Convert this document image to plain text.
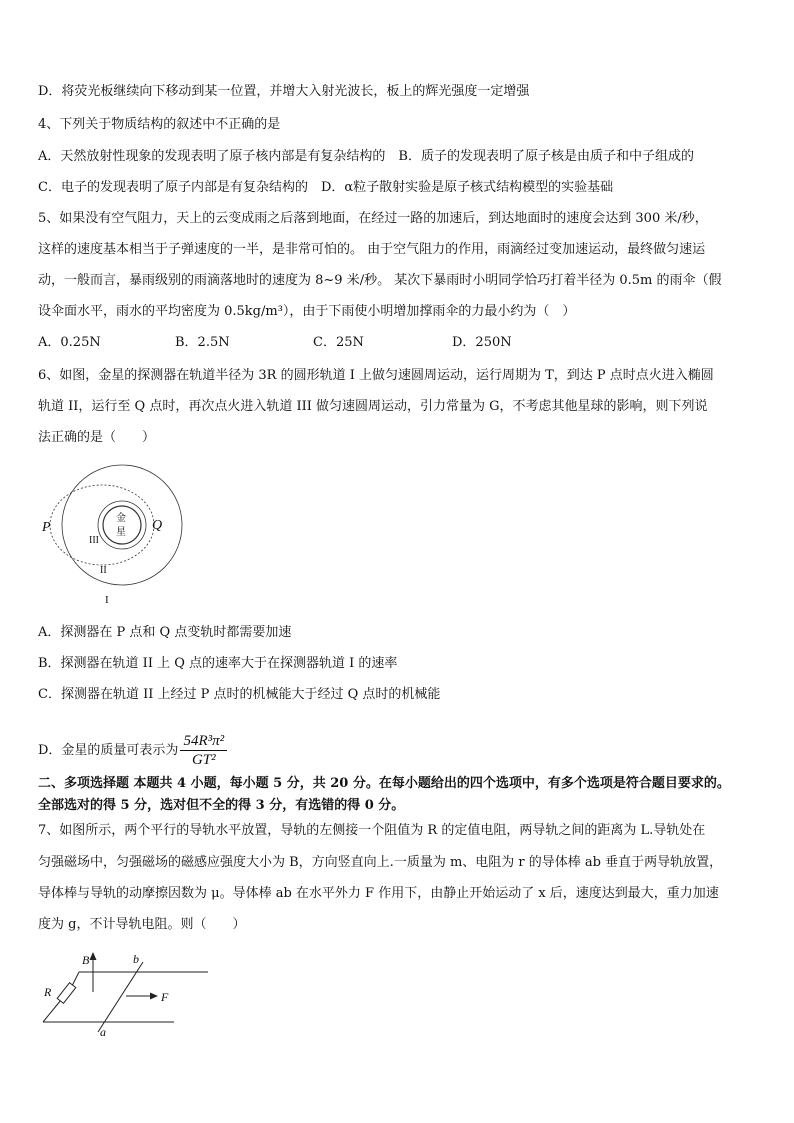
D．将荧光板继续向下移动到某一位置，并增大入射光波长，板上的辉光强度一定增强
4、下列关于物质结构的叙述中不正确的是
A．天然放射性现象的发现表明了原子核内部是有复杂结构的　B．质子的发现表明了原子核是由质子和中子组成的
C．电子的发现表明了原子内部是有复杂结构的　D．α粒子散射实验是原子核式结构模型的实验基础
5、如果没有空气阻力，天上的云变成雨之后落到地面，在经过一路的加速后，到达地面时的速度会达到 300 米/秒，
这样的速度基本相当于子弹速度的一半，是非常可怕的。 由于空气阻力的作用，雨滴经过变加速运动，最终做匀速运
动，一般而言，暴雨级别的雨滴落地时的速度为 8~9 米/秒。 某次下暴雨时小明同学恰巧打着半径为 0.5m 的雨伞（假
设伞面水平，雨水的平均密度为 0.5kg/m³），由于下雨使小明增加撑雨伞的力最小约为（　）
A．0.25N	B．2.5N	C．25N	D．250N
6、如图，金星的探测器在轨道半径为 3R 的圆形轨道 I 上做匀速圆周运动，运行周期为 T，到达 P 点时点火进入椭圆
轨道 II，运行至 Q 点时，再次点火进入轨道 III 做匀速圆周运动，引力常量为 G，不考虑其他星球的影响，则下列说
法正确的是（　　）
金
星
P	Q
III
II
I
A．探测器在 P 点和 Q 点变轨时都需要加速
B．探测器在轨道 II 上 Q 点的速率大于在探测器轨道 I 的速率
C．探测器在轨道 II 上经过 P 点时的机械能大于经过 Q 点时的机械能
D．金星的质量可表示为 $\frac{\text{54R³π²}}{\text{GT²}}$
二、多项选择题 本题共 4 小题，每小题 5 分，共 20 分。在每小题给出的四个选项中，有多个选项是符合题目要求的。
全部选对的得 5 分，选对但不全的得 3 分，有选错的得 0 分。
7、如图所示，两个平行的导轨水平放置，导轨的左侧接一个阻值为 R 的定值电阻，两导轨之间的距离为 L.导轨处在
匀强磁场中，匀强磁场的磁感应强度大小为 B，方向竖直向上.一质量为 m、电阻为 r 的导体棒 ab 垂直于两导轨放置，
导体棒与导轨的动摩擦因数为 μ。导体棒 ab 在水平外力 F 作用下，由静止开始运动了 x 后，速度达到最大，重力加速
度为 g，不计导轨电阻。则（　　）
B	b
R	F
a
